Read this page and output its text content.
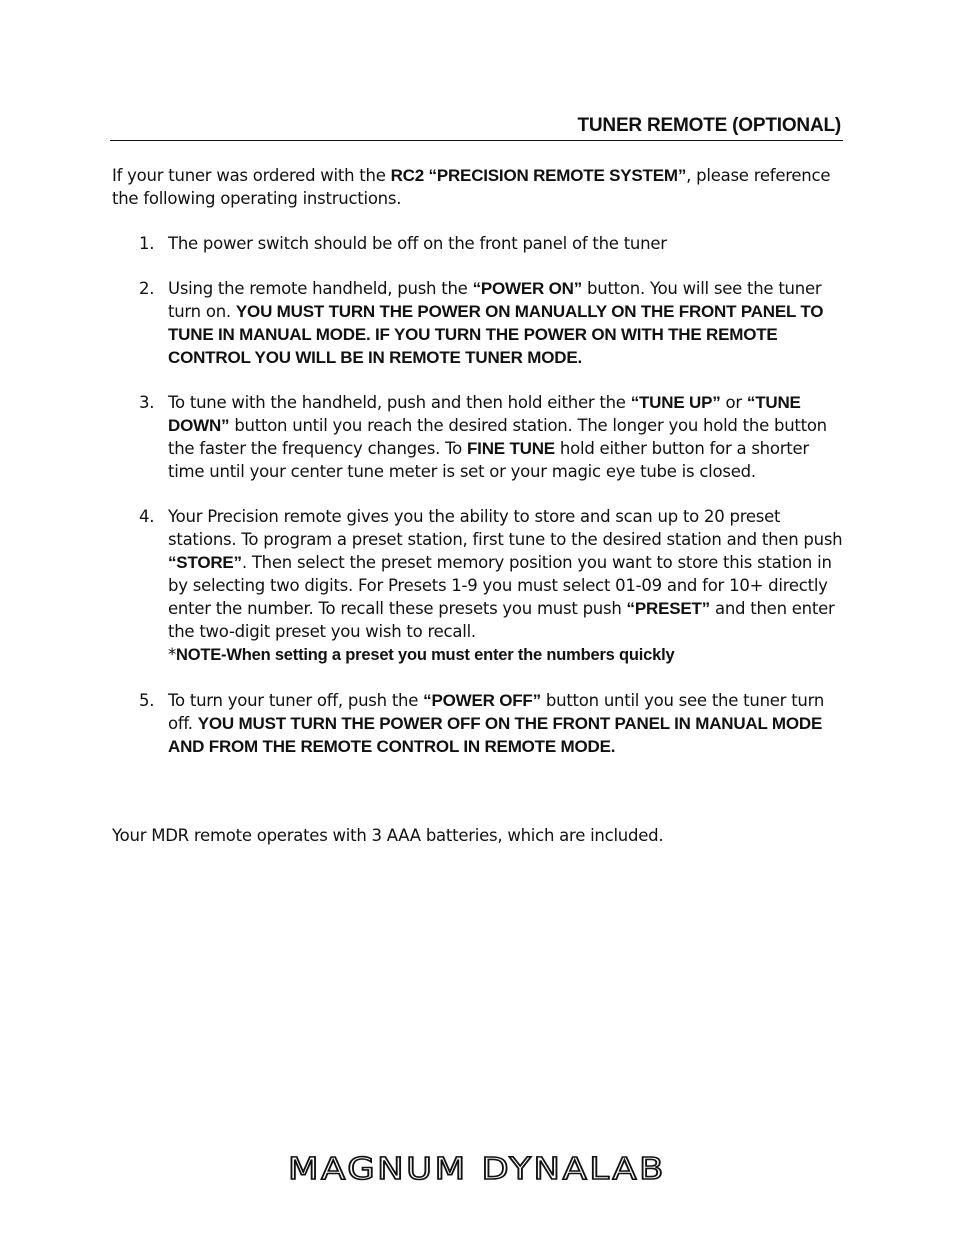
TUNER REMOTE (OPTIONAL)
If your tuner was ordered with the RC2 “PRECISION REMOTE SYSTEM”, please reference the following operating instructions.
1. The power switch should be off on the front panel of the tuner
2. Using the remote handheld, push the “POWER ON” button. You will see the tuner turn on. YOU MUST TURN THE POWER ON MANUALLY ON THE FRONT PANEL TO TUNE IN MANUAL MODE. IF YOU TURN THE POWER ON WITH THE REMOTE CONTROL YOU WILL BE IN REMOTE TUNER MODE.
3. To tune with the handheld, push and then hold either the “TUNE UP” or “TUNE DOWN” button until you reach the desired station. The longer you hold the button the faster the frequency changes. To FINE TUNE hold either button for a shorter time until your center tune meter is set or your magic eye tube is closed.
4. Your Precision remote gives you the ability to store and scan up to 20 preset stations. To program a preset station, first tune to the desired station and then push “STORE”. Then select the preset memory position you want to store this station in by selecting two digits. For Presets 1-9 you must select 01-09 and for 10+ directly enter the number. To recall these presets you must push “PRESET” and then enter the two-digit preset you wish to recall.
*NOTE-When setting a preset you must enter the numbers quickly
5. To turn your tuner off, push the “POWER OFF” button until you see the tuner turn off. YOU MUST TURN THE POWER OFF ON THE FRONT PANEL IN MANUAL MODE AND FROM THE REMOTE CONTROL IN REMOTE MODE.
Your MDR remote operates with 3 AAA batteries, which are included.
MAGNUM DYNALAB
